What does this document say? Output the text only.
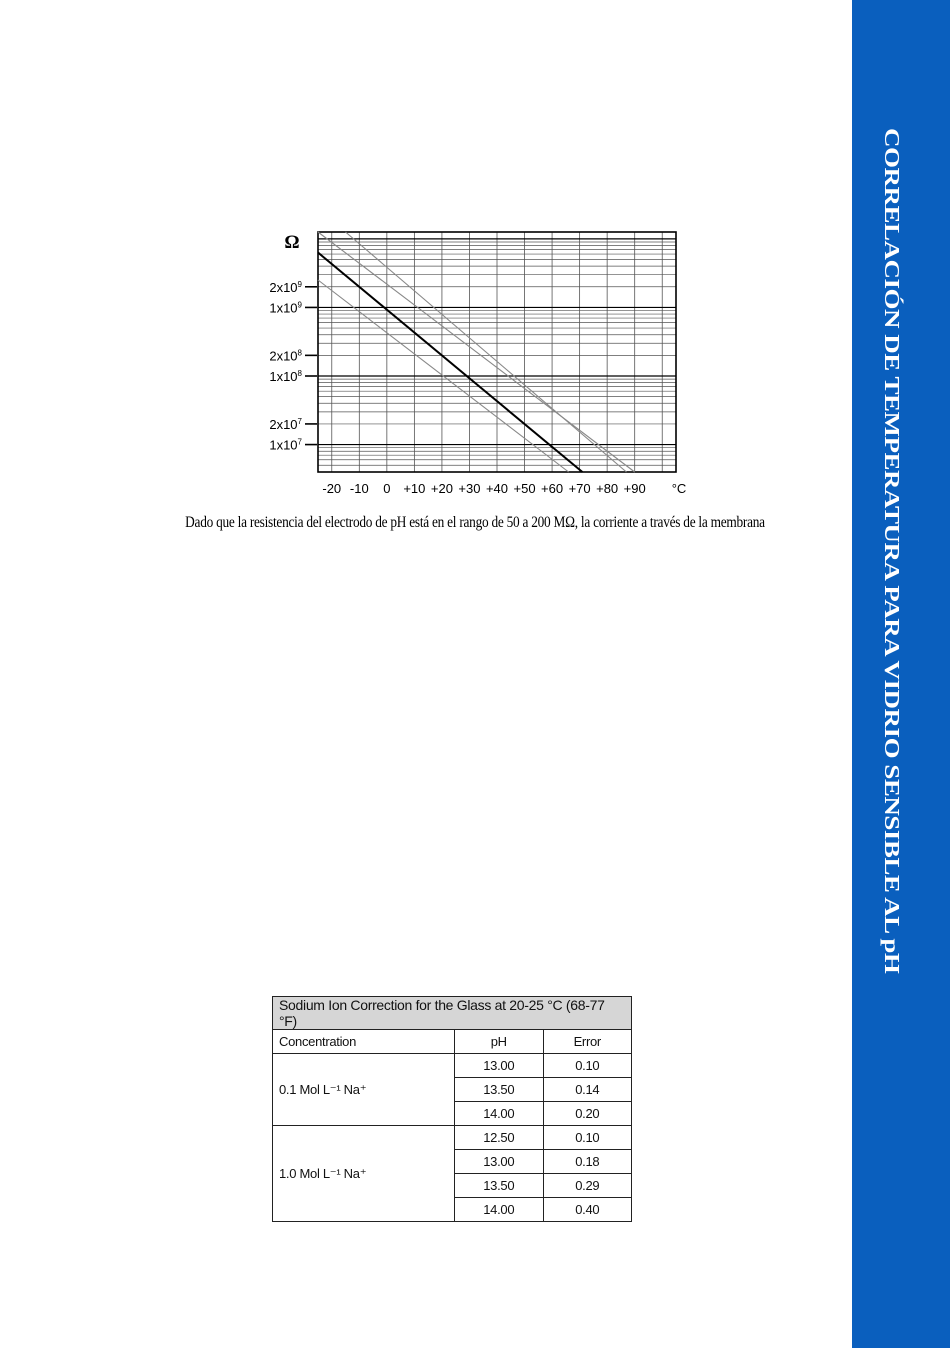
CORRELACIÓN DE TEMPERATURA PARA VIDRIO SENSIBLE AL pH
$2x10^9$
$1x10^9$
$2x10^8$
$1x10^8$
$2x10^7$
$1x10^7$
Ω
-20 -10 0 +10 +20 +30 +40 +50 +60 +70 +80 +90 °C
Dado que la resistencia del electrodo de pH está en el rango de 50 a 200 MΩ, la corriente a través de la membrana
Sodium Ion Correction for the Glass at 20-25 °C (68-77 °F)		
Concentration	pH	Error
0.1 Mol L⁻¹ Na⁺	13.00	0.10
	13.50	0.14
	14.00	0.20
1.0 Mol L⁻¹ Na⁺	12.50	0.10
	13.00	0.18
	13.50	0.29
	14.00	0.40
